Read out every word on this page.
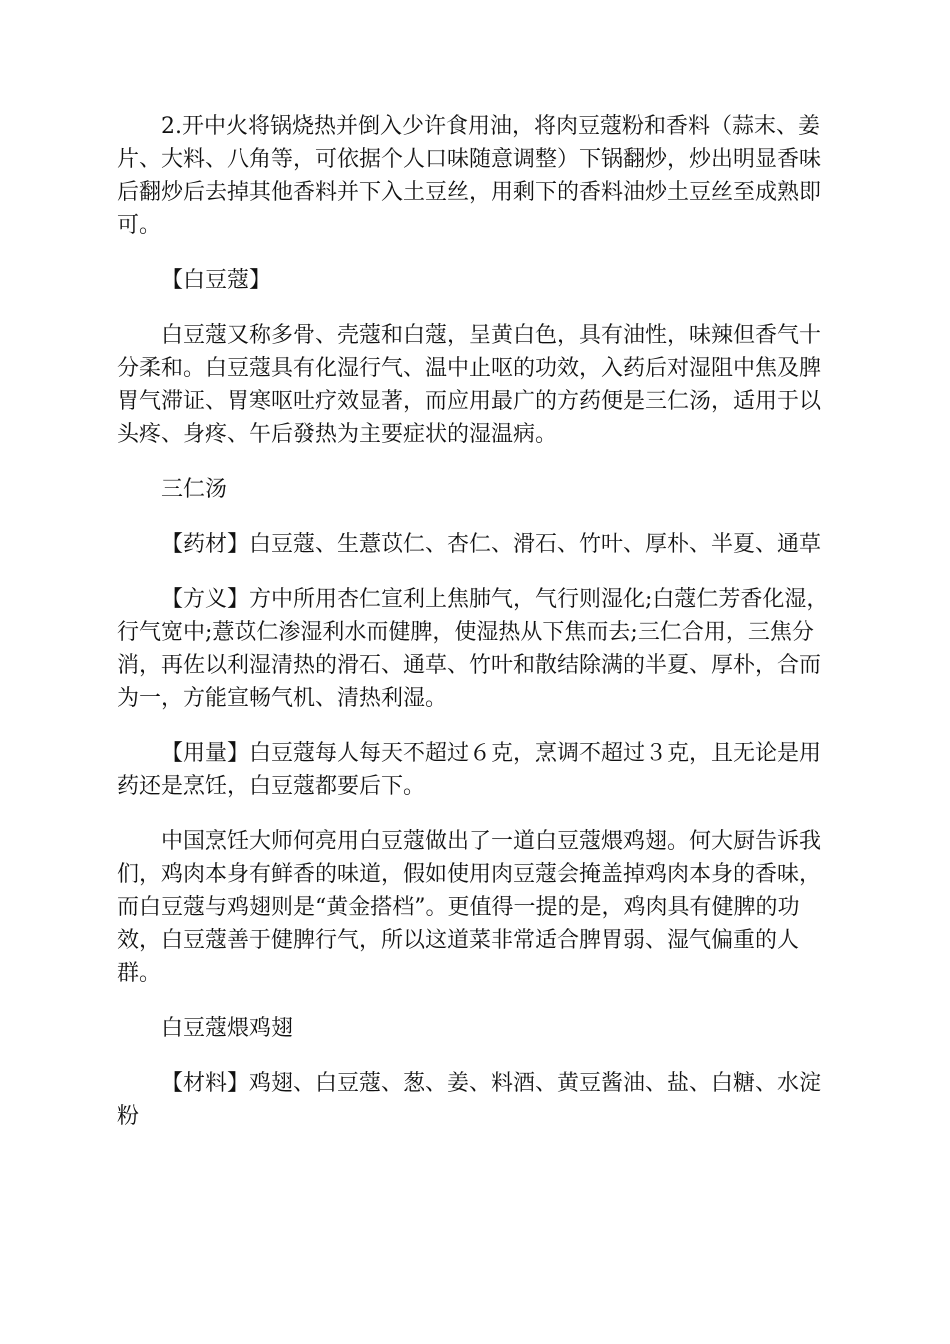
2.开中火将锅烧热并倒入少许食用油，将肉豆蔻粉和香料（蒜末、姜片、大料、八角等，可依据个人口味随意调整）下锅翻炒，炒出明显香味后翻炒后去掉其他香料并下入土豆丝，用剩下的香料油炒土豆丝至成熟即可。

【白豆蔻】

白豆蔻又称多骨、壳蔻和白蔻，呈黄白色，具有油性，味辣但香气十分柔和。白豆蔻具有化湿行气、温中止呕的功效，入药后对湿阻中焦及脾胃气滞证、胃寒呕吐疗效显著，而应用最广的方药便是三仁汤，适用于以头疼、身疼、午后發热为主要症状的湿温病。

三仁汤

【药材】白豆蔻、生薏苡仁、杏仁、滑石、竹叶、厚朴、半夏、通草

【方义】方中所用杏仁宣利上焦肺气，气行则湿化;白蔻仁芳香化湿，行气宽中;薏苡仁渗湿利水而健脾，使湿热从下焦而去;三仁合用，三焦分消，再佐以利湿清热的滑石、通草、竹叶和散结除满的半夏、厚朴，合而为一，方能宣畅气机、清热利湿。

【用量】白豆蔻每人每天不超过６克，烹调不超过３克，且无论是用药还是烹饪，白豆蔻都要后下。

中国烹饪大师何亮用白豆蔻做出了一道白豆蔻煨鸡翅。何大厨告诉我们，鸡肉本身有鲜香的味道，假如使用肉豆蔻会掩盖掉鸡肉本身的香味，而白豆蔻与鸡翅则是“黄金搭档”。更值得一提的是，鸡肉具有健脾的功效，白豆蔻善于健脾行气，所以这道菜非常适合脾胃弱、湿气偏重的人群。

白豆蔻煨鸡翅

【材料】鸡翅、白豆蔻、葱、姜、料酒、黄豆酱油、盐、白糖、水淀粉
